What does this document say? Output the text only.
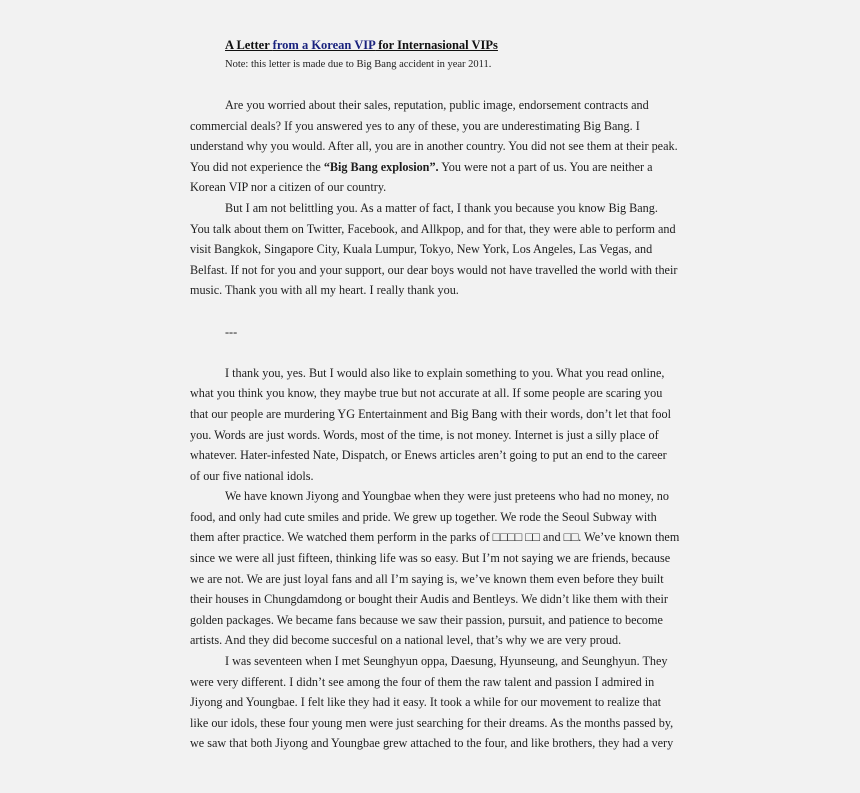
A Letter from a Korean VIP for Internasional VIPs
Note: this letter is made due to Big Bang accident in year 2011.
Are you worried about their sales, reputation, public image, endorsement contracts and
commercial deals? If you answered yes to any of these, you are underestimating Big Bang. I
understand why you would. After all, you are in another country. You did not see them at their peak.
You did not experience the “Big Bang explosion”. You were not a part of us. You are neither a
Korean VIP nor a citizen of our country.
But I am not belittling you. As a matter of fact, I thank you because you know Big Bang.
You talk about them on Twitter, Facebook, and Allkpop, and for that, they were able to perform and
visit Bangkok, Singapore City, Kuala Lumpur, Tokyo, New York, Los Angeles, Las Vegas, and
Belfast. If not for you and your support, our dear boys would not have travelled the world with their
music. Thank you with all my heart. I really thank you.
---
I thank you, yes. But I would also like to explain something to you. What you read online,
what you think you know, they maybe true but not accurate at all. If some people are scaring you
that our people are murdering YG Entertainment and Big Bang with their words, don’t let that fool
you. Words are just words. Words, most of the time, is not money. Internet is just a silly place of
whatever. Hater-infested Nate, Dispatch, or Enews articles aren’t going to put an end to the career
of our five national idols.
We have known Jiyong and Youngbae when they were just preteens who had no money, no
food, and only had cute smiles and pride. We grew up together. We rode the Seoul Subway with
them after practice. We watched them perform in the parks of □□□□ □□ and □□. We’ve known them
since we were all just fifteen, thinking life was so easy. But I’m not saying we are friends, because
we are not. We are just loyal fans and all I’m saying is, we’ve known them even before they built
their houses in Chungdamdong or bought their Audis and Bentleys. We didn’t like them with their
golden packages. We became fans because we saw their passion, pursuit, and patience to become
artists. And they did become succesful on a national level, that’s why we are very proud.
I was seventeen when I met Seunghyun oppa, Daesung, Hyunseung, and Seunghyun. They
were very different. I didn’t see among the four of them the raw talent and passion I admired in
Jiyong and Youngbae. I felt like they had it easy. It took a while for our movement to realize that
like our idols, these four young men were just searching for their dreams. As the months passed by,
we saw that both Jiyong and Youngbae grew attached to the four, and like brothers, they had a very
